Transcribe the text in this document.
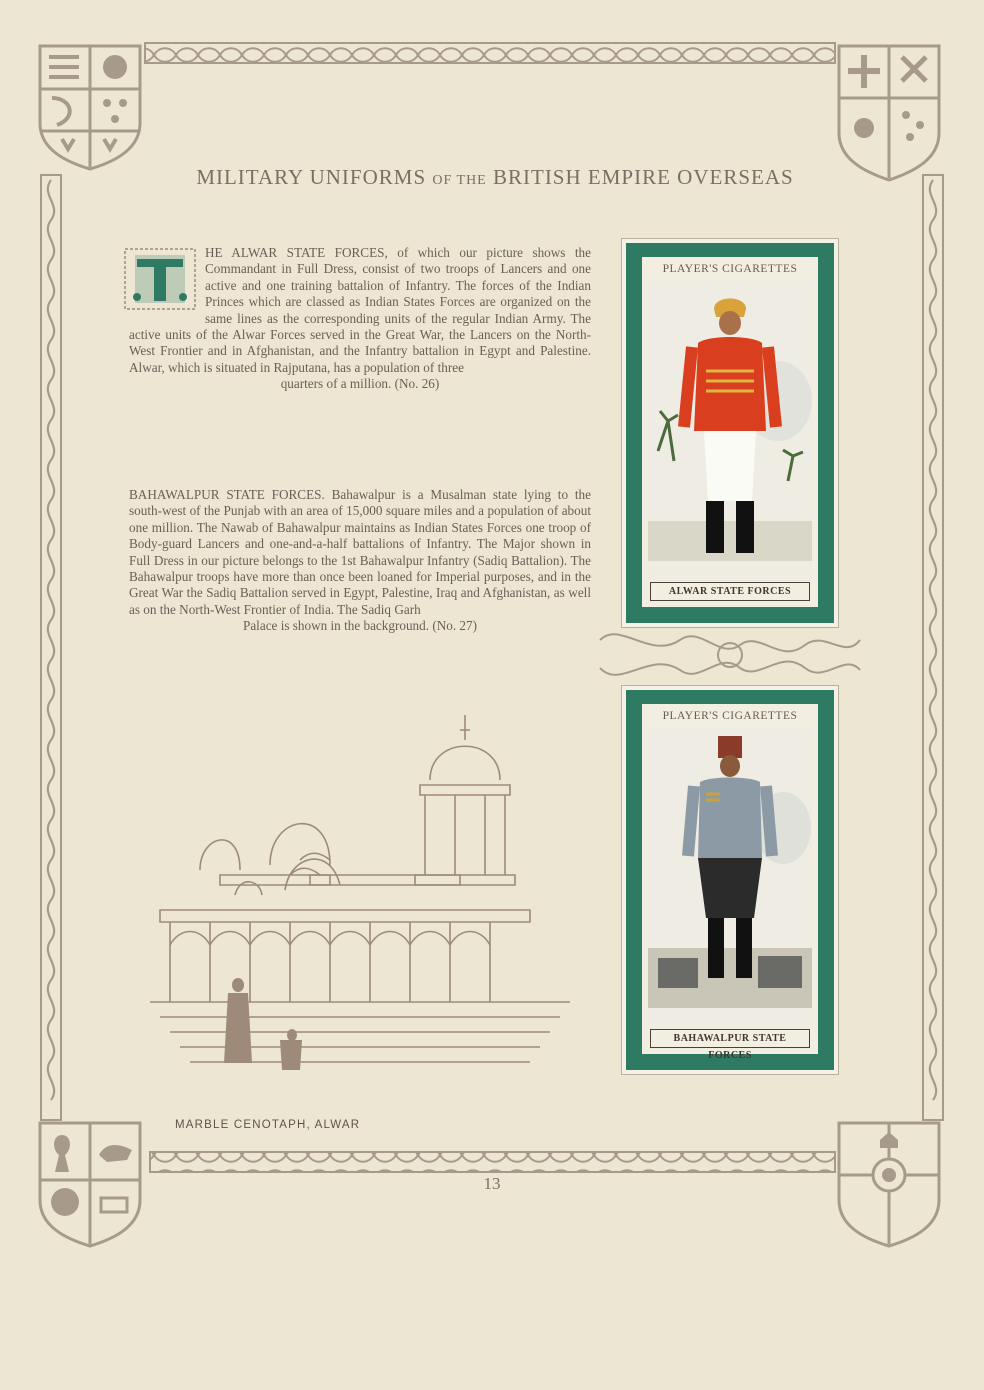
MILITARY UNIFORMS OF THE BRITISH EMPIRE OVERSEAS
HE ALWAR STATE FORCES, of which our picture shows the Commandant in Full Dress, consist of two troops of Lancers and one active and one training battalion of Infantry. The forces of the Indian Princes which are classed as Indian States Forces are organized on the same lines as the corresponding units of the regular Indian Army. The active units of the Alwar Forces served in the Great War, the Lancers on the North-West Frontier and in Afghanistan, and the Infantry battalion in Egypt and Palestine. Alwar, which is situated in Rajputana, has a population of three
quarters of a million. (No. 26)
BAHAWALPUR STATE FORCES. Bahawalpur is a Musalman state lying to the south-west of the Punjab with an area of 15,000 square miles and a population of about one million. The Nawab of Bahawalpur maintains as Indian States Forces one troop of Body-guard Lancers and one-and-a-half battalions of Infantry. The Major shown in Full Dress in our picture belongs to the 1st Bahawalpur Infantry (Sadiq Battalion). The Bahawalpur troops have more than once been loaned for Imperial purposes, and in the Great War the Sadiq Battalion served in Egypt, Palestine, Iraq and Afghanistan, as well as on the North-West Frontier of India. The Sadiq Garh
Palace is shown in the background. (No. 27)
PLAYER'S CIGARETTES
ALWAR STATE FORCES
PLAYER'S CIGARETTES
BAHAWALPUR STATE FORCES
MARBLE CENOTAPH, ALWAR
13
